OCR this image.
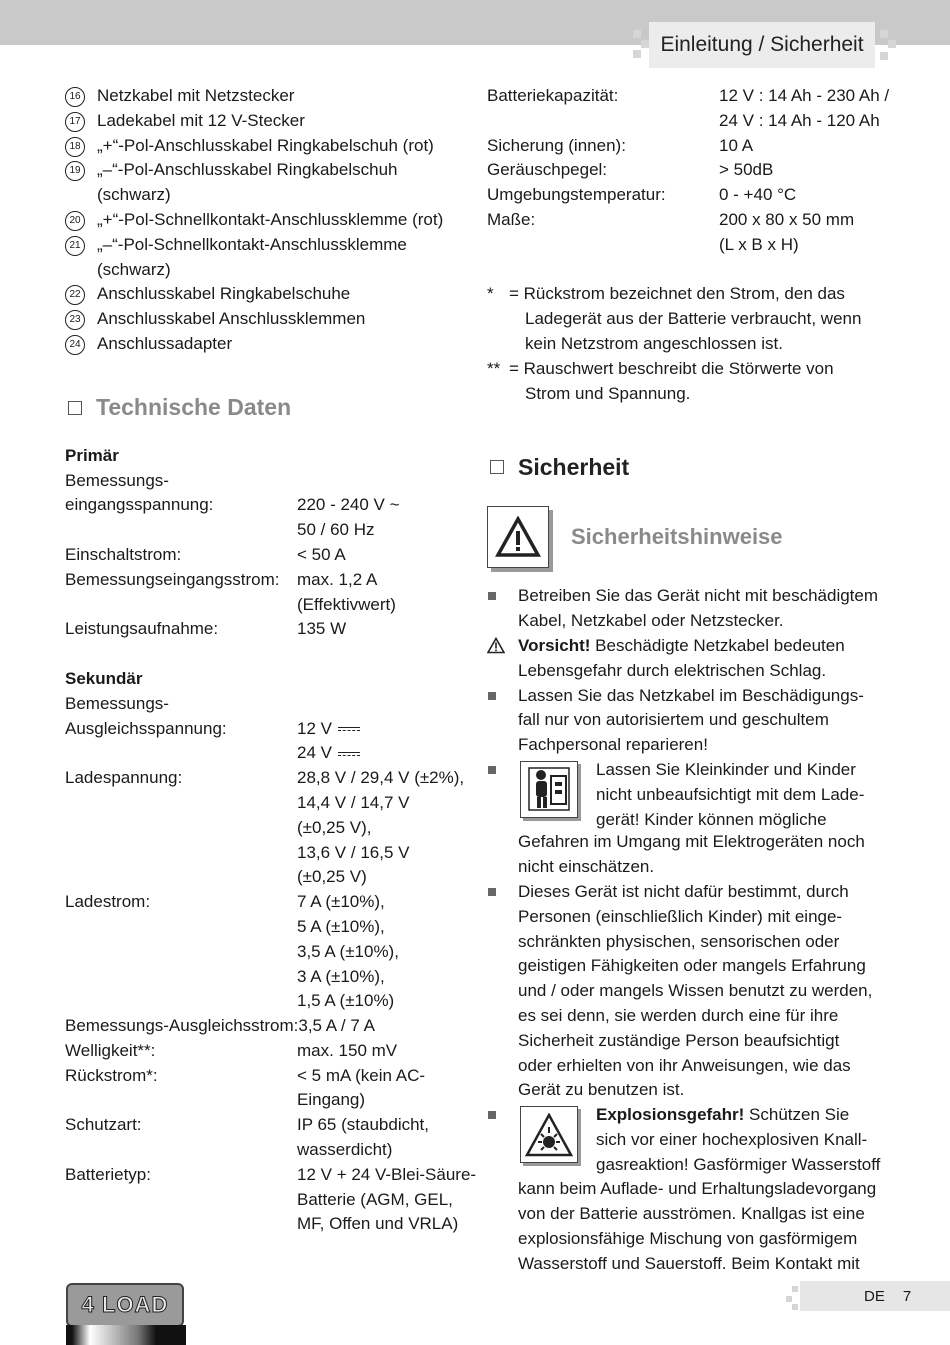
Einleitung / Sicherheit
16 Netzkabel mit Netzstecker
17 Ladekabel mit 12 V-Stecker
18 „+“-Pol-Anschlusskabel Ringkabelschuh (rot)
19 „–“-Pol-Anschlusskabel Ringkabelschuh
(schwarz)
20 „+“-Pol-Schnellkontakt-Anschlussklemme (rot)
21 „–“-Pol-Schnellkontakt-Anschlussklemme
(schwarz)
22 Anschlusskabel Ringkabelschuhe
23 Anschlusskabel Anschlussklemmen
24 Anschlussadapter
Technische Daten
Primär
Bemessungs-
eingangsspannung:	220 - 240 V ~
50 / 60 Hz
Einschaltstrom:	< 50 A
Bemessungseingangsstrom:	max. 1,2 A
(Effektivwert)
Leistungsaufnahme:	135 W
Sekundär
Bemessungs-
Ausgleichsspannung:	12 V
24 V
Ladespannung:	28,8 V / 29,4 V (±2%),
14,4 V / 14,7 V
(±0,25 V),
13,6 V / 16,5 V
(±0,25 V)
Ladestrom:	7 A (±10%),
5 A (±10%),
3,5 A (±10%),
3 A (±10%),
1,5 A (±10%)
Bemessungs-Ausgleichsstrom: 3,5 A / 7 A
Welligkeit**:	max. 150 mV
Rückstrom*:	< 5 mA (kein AC-
Eingang)
Schutzart:	IP 65 (staubdicht,
wasserdicht)
Batterietyp:	12 V + 24 V-Blei-Säure-
Batterie (AGM, GEL,
MF, Offen und VRLA)
Batteriekapazität:	12 V : 14 Ah - 230 Ah /
24 V : 14 Ah - 120 Ah
Sicherung (innen):	10 A
Geräuschpegel:	> 50dB
Umgebungstemperatur:	0 - +40 °C
Maße:	200 x 80 x 50 mm
(L x B x H)
* = Rückstrom bezeichnet den Strom, den das
Ladegerät aus der Batterie verbraucht, wenn
kein Netzstrom angeschlossen ist.
** = Rauschwert beschreibt die Störwerte von
Strom und Spannung.
Sicherheit
Sicherheitshinweise
Betreiben Sie das Gerät nicht mit beschädigtem
Kabel, Netzkabel oder Netzstecker.
Vorsicht! Beschädigte Netzkabel bedeuten
Lebensgefahr durch elektrischen Schlag.
Lassen Sie das Netzkabel im Beschädigungs-
fall nur von autorisiertem und geschultem
Fachpersonal reparieren!
Lassen Sie Kleinkinder und Kinder
nicht unbeaufsichtigt mit dem Lade-
gerät! Kinder können mögliche
Gefahren im Umgang mit Elektrogeräten noch
nicht einschätzen.
Dieses Gerät ist nicht dafür bestimmt, durch
Personen (einschließlich Kinder) mit einge-
schränkten physischen, sensorischen oder
geistigen Fähigkeiten oder mangels Erfahrung
und / oder mangels Wissen benutzt zu werden,
es sei denn, sie werden durch eine für ihre
Sicherheit zuständige Person beaufsichtigt
oder erhielten von ihr Anweisungen, wie das
Gerät zu benutzen ist.
Explosionsgefahr! Schützen Sie
sich vor einer hochexplosiven Knall-
gasreaktion! Gasförmiger Wasserstoff
kann beim Auflade- und Erhaltungsladevorgang
von der Batterie ausströmen. Knallgas ist eine
explosionsfähige Mischung von gasförmigem
Wasserstoff und Sauerstoff. Beim Kontakt mit
4 LOAD	DE 7
